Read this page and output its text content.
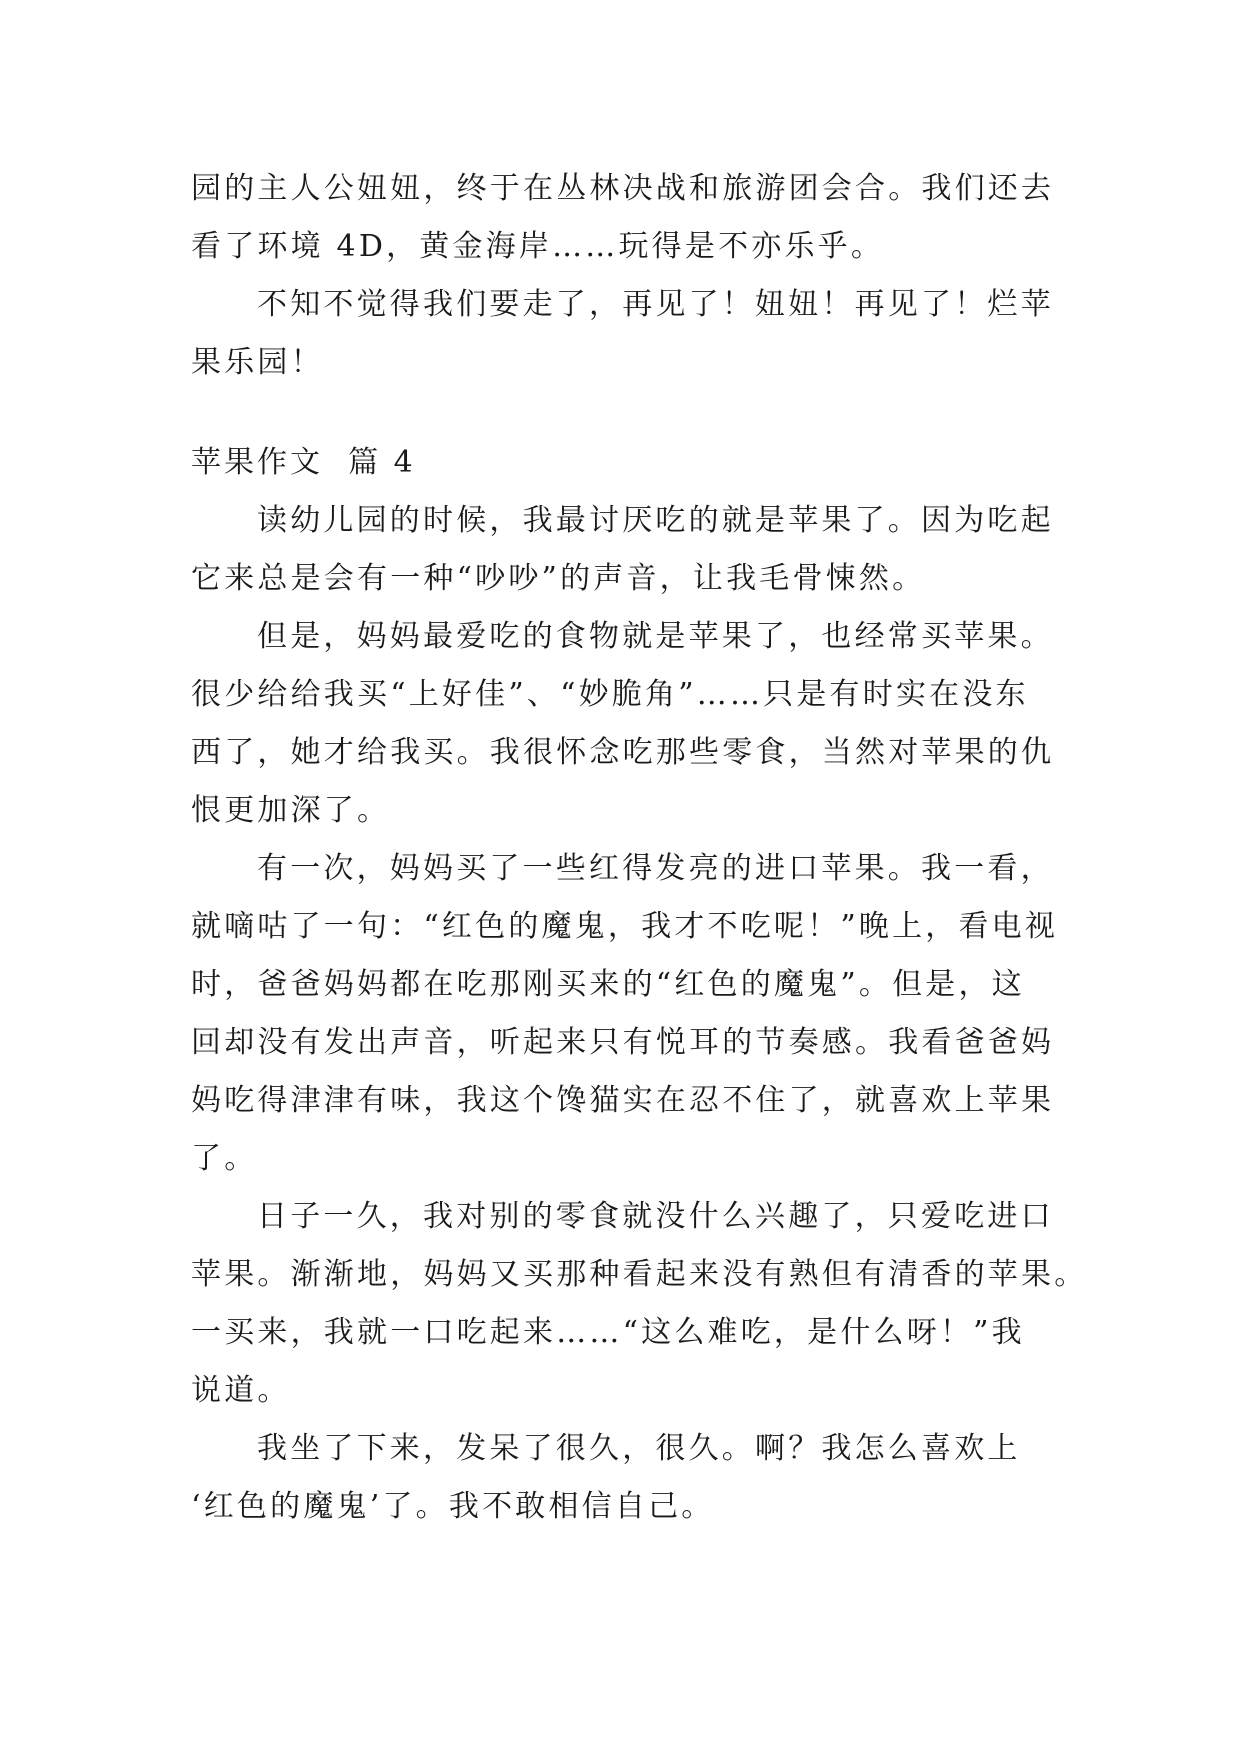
园的主人公妞妞，终于在丛林决战和旅游团会合。我们还去
看了环境 4D，黄金海岸……玩得是不亦乐乎。
不知不觉得我们要走了，再见了！妞妞！再见了！烂苹
果乐园！
苹果作文  篇 4
读幼儿园的时候，我最讨厌吃的就是苹果了。因为吃起
它来总是会有一种“吵吵”的声音，让我毛骨悚然。
但是，妈妈最爱吃的食物就是苹果了，也经常买苹果。
很少给给我买“上好佳”、“妙脆角”……只是有时实在没东
西了，她才给我买。我很怀念吃那些零食，当然对苹果的仇
恨更加深了。
有一次，妈妈买了一些红得发亮的进口苹果。我一看，
就嘀咕了一句：“红色的魔鬼，我才不吃呢！”晚上，看电视
时，爸爸妈妈都在吃那刚买来的“红色的魔鬼”。但是，这
回却没有发出声音，听起来只有悦耳的节奏感。我看爸爸妈
妈吃得津津有味，我这个馋猫实在忍不住了，就喜欢上苹果
了。
日子一久，我对别的零食就没什么兴趣了，只爱吃进口
苹果。渐渐地，妈妈又买那种看起来没有熟但有清香的苹果。
一买来，我就一口吃起来……“这么难吃，是什么呀！”我
说道。
我坐了下来，发呆了很久，很久。啊？我怎么喜欢上
‘红色的魔鬼’了。我不敢相信自己。
